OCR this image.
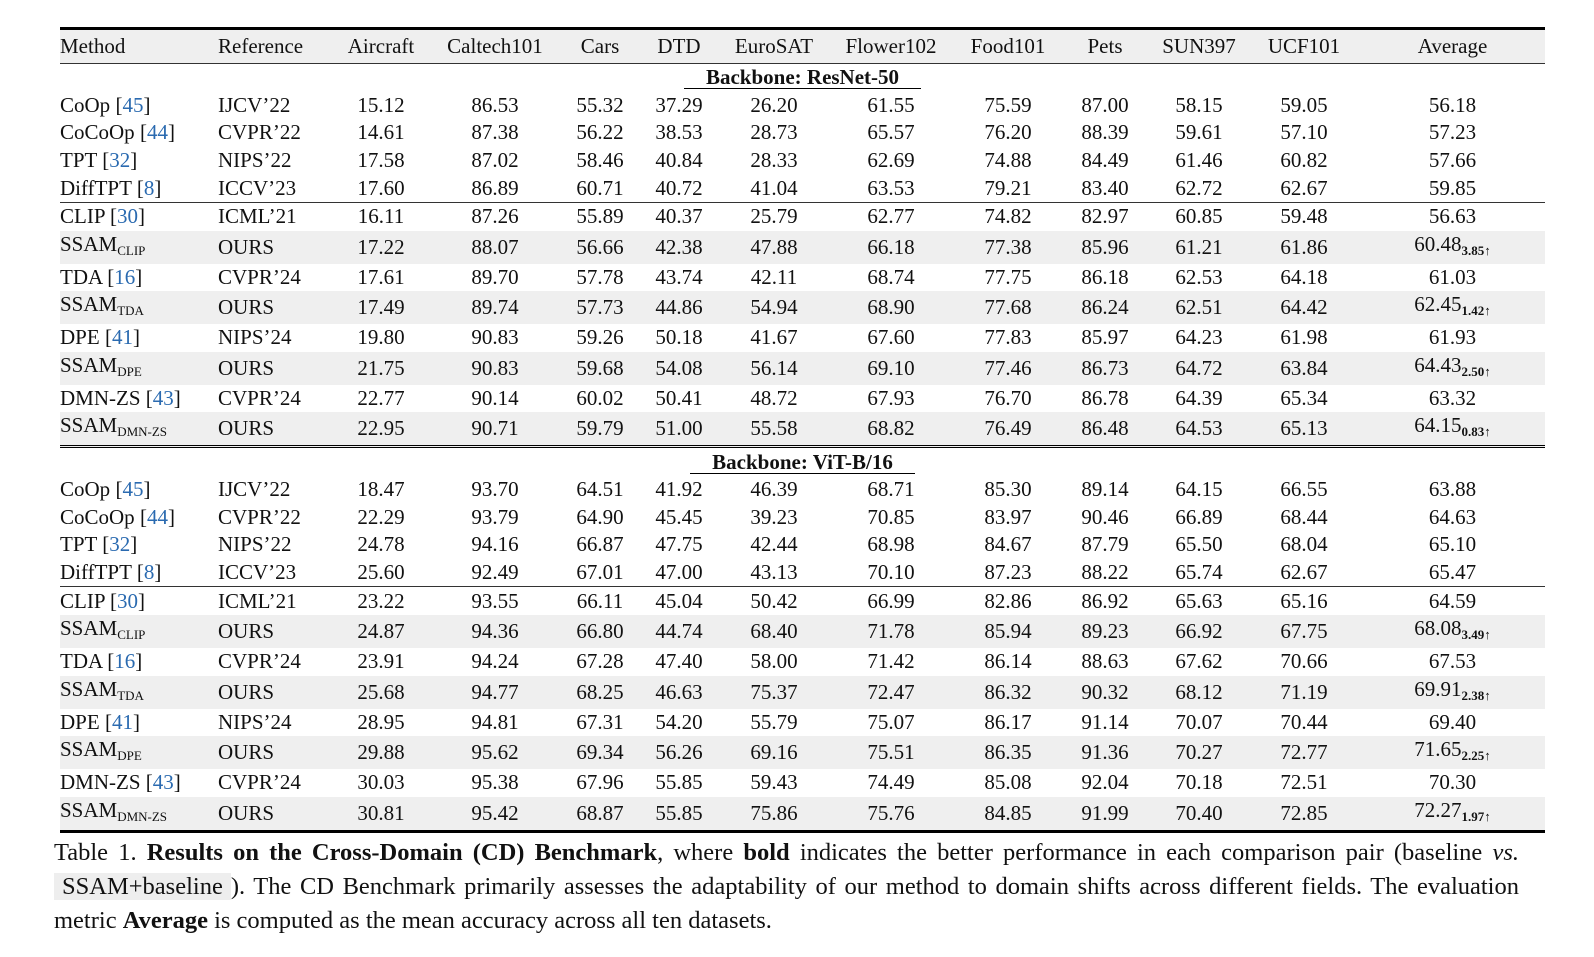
Method	Reference	Aircraft	Caltech101	Cars	DTD	EuroSAT	Flower102	Food101	Pets	SUN397	UCF101	Average
Backbone: ResNet-50												
CoOp [45]	IJCV’22	15.12	86.53	55.32	37.29	26.20	61.55	75.59	87.00	58.15	59.05	56.18
CoCoOp [44]	CVPR’22	14.61	87.38	56.22	38.53	28.73	65.57	76.20	88.39	59.61	57.10	57.23
TPT [32]	NIPS’22	17.58	87.02	58.46	40.84	28.33	62.69	74.88	84.49	61.46	60.82	57.66
DiffTPT [8]	ICCV’23	17.60	86.89	60.71	40.72	41.04	63.53	79.21	83.40	62.72	62.67	59.85
CLIP [30]	ICML’21	16.11	87.26	55.89	40.37	25.79	62.77	74.82	82.97	60.85	59.48	56.63
$SSAM_{CLIP}$	OURS	17.22	88.07	56.66	42.38	47.88	66.18	77.38	85.96	61.21	61.86	60.483.85↑
TDA [16]	CVPR’24	17.61	89.70	57.78	43.74	42.11	68.74	77.75	86.18	62.53	64.18	61.03
$SSAM_{TDA}$	OURS	17.49	89.74	57.73	44.86	54.94	68.90	77.68	86.24	62.51	64.42	62.451.42↑
DPE [41]	NIPS’24	19.80	90.83	59.26	50.18	41.67	67.60	77.83	85.97	64.23	61.98	61.93
$SSAM_{DPE}$	OURS	21.75	90.83	59.68	54.08	56.14	69.10	77.46	86.73	64.72	63.84	64.432.50↑
DMN-ZS [43]	CVPR’24	22.77	90.14	60.02	50.41	48.72	67.93	76.70	86.78	64.39	65.34	63.32
$SSAM_{DMN-ZS}$	OURS	22.95	90.71	59.79	51.00	55.58	68.82	76.49	86.48	64.53	65.13	64.150.83↑
Backbone: ViT-B/16												
CoOp [45]	IJCV’22	18.47	93.70	64.51	41.92	46.39	68.71	85.30	89.14	64.15	66.55	63.88
CoCoOp [44]	CVPR’22	22.29	93.79	64.90	45.45	39.23	70.85	83.97	90.46	66.89	68.44	64.63
TPT [32]	NIPS’22	24.78	94.16	66.87	47.75	42.44	68.98	84.67	87.79	65.50	68.04	65.10
DiffTPT [8]	ICCV’23	25.60	92.49	67.01	47.00	43.13	70.10	87.23	88.22	65.74	62.67	65.47
CLIP [30]	ICML’21	23.22	93.55	66.11	45.04	50.42	66.99	82.86	86.92	65.63	65.16	64.59
$SSAM_{CLIP}$	OURS	24.87	94.36	66.80	44.74	68.40	71.78	85.94	89.23	66.92	67.75	68.083.49↑
TDA [16]	CVPR’24	23.91	94.24	67.28	47.40	58.00	71.42	86.14	88.63	67.62	70.66	67.53
$SSAM_{TDA}$	OURS	25.68	94.77	68.25	46.63	75.37	72.47	86.32	90.32	68.12	71.19	69.912.38↑
DPE [41]	NIPS’24	28.95	94.81	67.31	54.20	55.79	75.07	86.17	91.14	70.07	70.44	69.40
$SSAM_{DPE}$	OURS	29.88	95.62	69.34	56.26	69.16	75.51	86.35	91.36	70.27	72.77	71.652.25↑
DMN-ZS [43]	CVPR’24	30.03	95.38	67.96	55.85	59.43	74.49	85.08	92.04	70.18	72.51	70.30
$SSAM_{DMN-ZS}$	OURS	30.81	95.42	68.87	55.85	75.86	75.76	84.85	91.99	70.40	72.85	72.271.97↑

Table 1. Results on the Cross-Domain (CD) Benchmark, where bold indicates the better performance in each comparison pair (baseline vs. SSAM+baseline ). The CD Benchmark primarily assesses the adaptability of our method to domain shifts across different fields. The evaluation metric Average is computed as the mean accuracy across all ten datasets.
